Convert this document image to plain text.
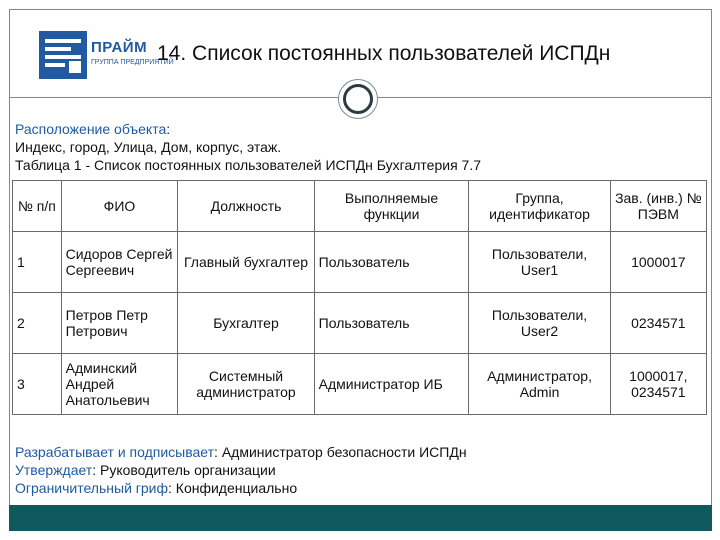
ПРАЙМ
ГРУППА ПРЕДПРИЯТИЙ
14. Список постоянных пользователей ИСПДн
Расположение объекта:
Индекс, город, Улица, Дом, корпус, этаж.
Таблица 1 - Список постоянных пользователей ИСПДн Бухгалтерия 7.7
№ п/п	ФИО	Должность	Выполняемые функции	Группа, идентификатор	Зав. (инв.) № ПЭВМ
1	Сидоров Сергей Сергеевич	Главный бухгалтер	Пользователь	Пользователи, User1	1000017
2	Петров Петр Петрович	Бухгалтер	Пользователь	Пользователи, User2	0234571
3	Админский Андрей Анатольевич	Системный администратор	Администратор ИБ	Администратор, Admin	1000017, 0234571
Разрабатывает и подписывает: Администратор безопасности ИСПДн
Утверждает: Руководитель организации
Ограничительный гриф: Конфиденциально
